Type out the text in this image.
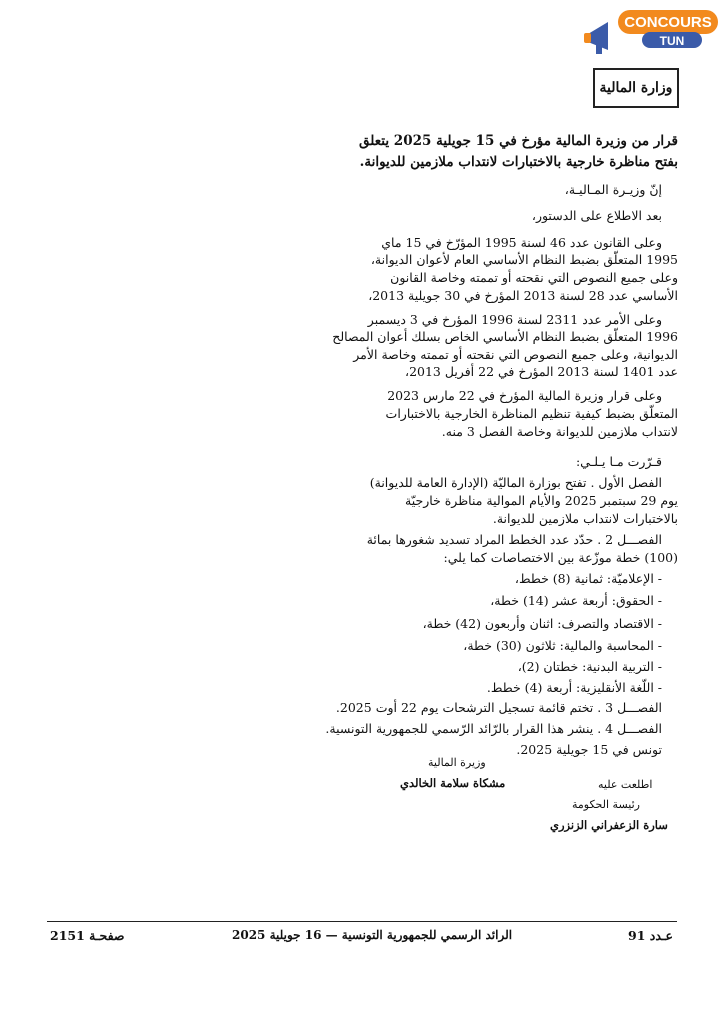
CONCOURS
TUN
وزارة المالية
قرار من وزيرة المالية مؤرخ في 15 جويلية 2025 يتعلق
بفتح مناظرة خارجية بالاختبارات لانتداب ملازمين للديوانة.
إنّ وزيـرة المـاليـة،
بعد الاطلاع على الدستور،
وعلى القانون عدد 46 لسنة 1995 المؤرّخ في 15 ماي
1995 المتعلّق بضبط النظام الأساسي العام لأعوان الديوانة،
وعلى جميع النصوص التي نقحته أو تممته وخاصة القانون
الأساسي عدد 28 لسنة 2013 المؤرخ في 30 جويلية 2013،
وعلى الأمر عدد 2311 لسنة 1996 المؤرخ في 3 ديسمبر
1996 المتعلّق بضبط النظام الأساسي الخاص بسلك أعوان المصالح
الديوانية، وعلى جميع النصوص التي نقحته أو تممته وخاصة الأمر
عدد 1401 لسنة 2013 المؤرخ في 22 أفريل 2013،
وعلى قرار وزيرة المالية المؤرخ في 22 مارس 2023
المتعلّق بضبط كيفية تنظيم المناظرة الخارجية بالاختبارات
لانتداب ملازمين للديوانة وخاصة الفصل 3 منه.
قـرّرت مـا يـلـي:
الفصل الأول . تفتح بوزارة الماليّة (الإدارة العامة للديوانة)
يوم 29 سبتمبر 2025 والأيام الموالية مناظرة خارجيّة
بالاختبارات لانتداب ملازمين للديوانة.
الفصـــل 2 . حدّد عدد الخطط المراد تسديد شغورها بمائة
(100) خطة موزّعة بين الاختصاصات كما يلي:
- الإعلاميّة: ثمانية (8) خطط،
- الحقوق: أربعة عشر (14) خطة،
- الاقتصاد والتصرف: اثنان وأربعون (42) خطة،
- المحاسبة والمالية: ثلاثون (30) خطة،
- التربية البدنية: خطتان (2)،
- اللّغة الأنقليزية: أربعة (4) خطط.
الفصـــل 3 . تختم قائمة تسجيل الترشحات يوم 22 أوت 2025.
الفصـــل 4 . ينشر هذا القرار بالرّائد الرّسمي للجمهورية التونسية.
تونس في 15 جويلية 2025.
وزيرة المالية
مشكاة سلامة الخالدي	اطلعت عليه
رئيسة الحكومة
سارة الزعفراني الزنزري
عـدد 91
الرائد الرسمي للجمهورية التونسية — 16 جويلية 2025
صفحـة 2151
